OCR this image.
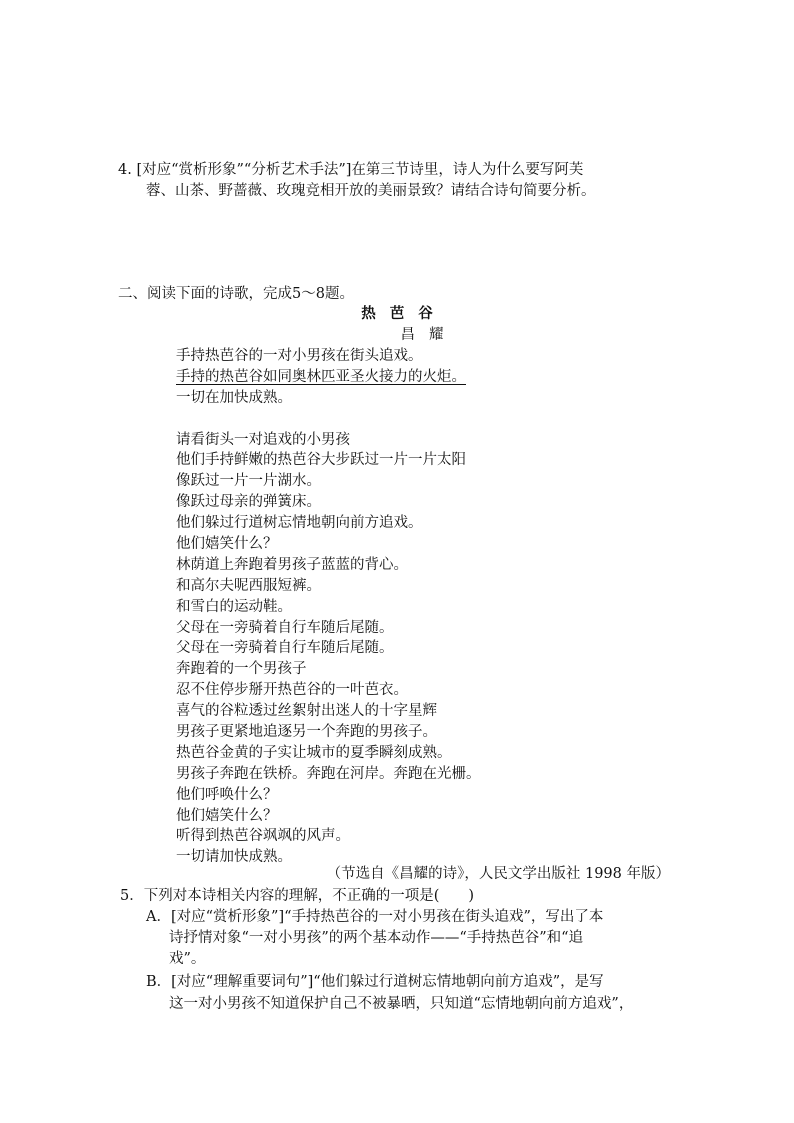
4. [对应“赏析形象”“分析艺术手法”]在第三节诗里，诗人为什么要写阿芙
蓉、山茶、野蔷薇、玫瑰竞相开放的美丽景致？请结合诗句简要分析。
二、阅读下面的诗歌，完成5～8题。
热芭谷
昌耀
手持热芭谷的一对小男孩在街头追戏。
手持的热芭谷如同奥林匹亚圣火接力的火炬。
一切在加快成熟。
请看街头一对追戏的小男孩
他们手持鲜嫩的热芭谷大步跃过一片一片太阳
像跃过一片一片湖水。
像跃过母亲的弹簧床。
他们躲过行道树忘情地朝向前方追戏。
他们嬉笑什么？
林荫道上奔跑着男孩子蓝蓝的背心。
和高尔夫呢西服短裤。
和雪白的运动鞋。
父母在一旁骑着自行车随后尾随。
父母在一旁骑着自行车随后尾随。
奔跑着的一个男孩子
忍不住停步掰开热芭谷的一叶芭衣。
喜气的谷粒透过丝絮射出迷人的十字星辉
男孩子更紧地追逐另一个奔跑的男孩子。
热芭谷金黄的子实让城市的夏季瞬刻成熟。
男孩子奔跑在铁桥。奔跑在河岸。奔跑在光栅。
他们呼唤什么？
他们嬉笑什么？
听得到热芭谷飒飒的风声。
一切请加快成熟。
（节选自《昌耀的诗》，人民文学出版社 1998 年版）
5．下列对本诗相关内容的理解，不正确的一项是(　　)
A．[对应“赏析形象”]“手持热芭谷的一对小男孩在街头追戏”，写出了本
诗抒情对象“一对小男孩”的两个基本动作——“手持热芭谷”和“追
戏”。
B．[对应“理解重要词句”]“他们躲过行道树忘情地朝向前方追戏”，是写
这一对小男孩不知道保护自己不被暴晒，只知道“忘情地朝向前方追戏”，
